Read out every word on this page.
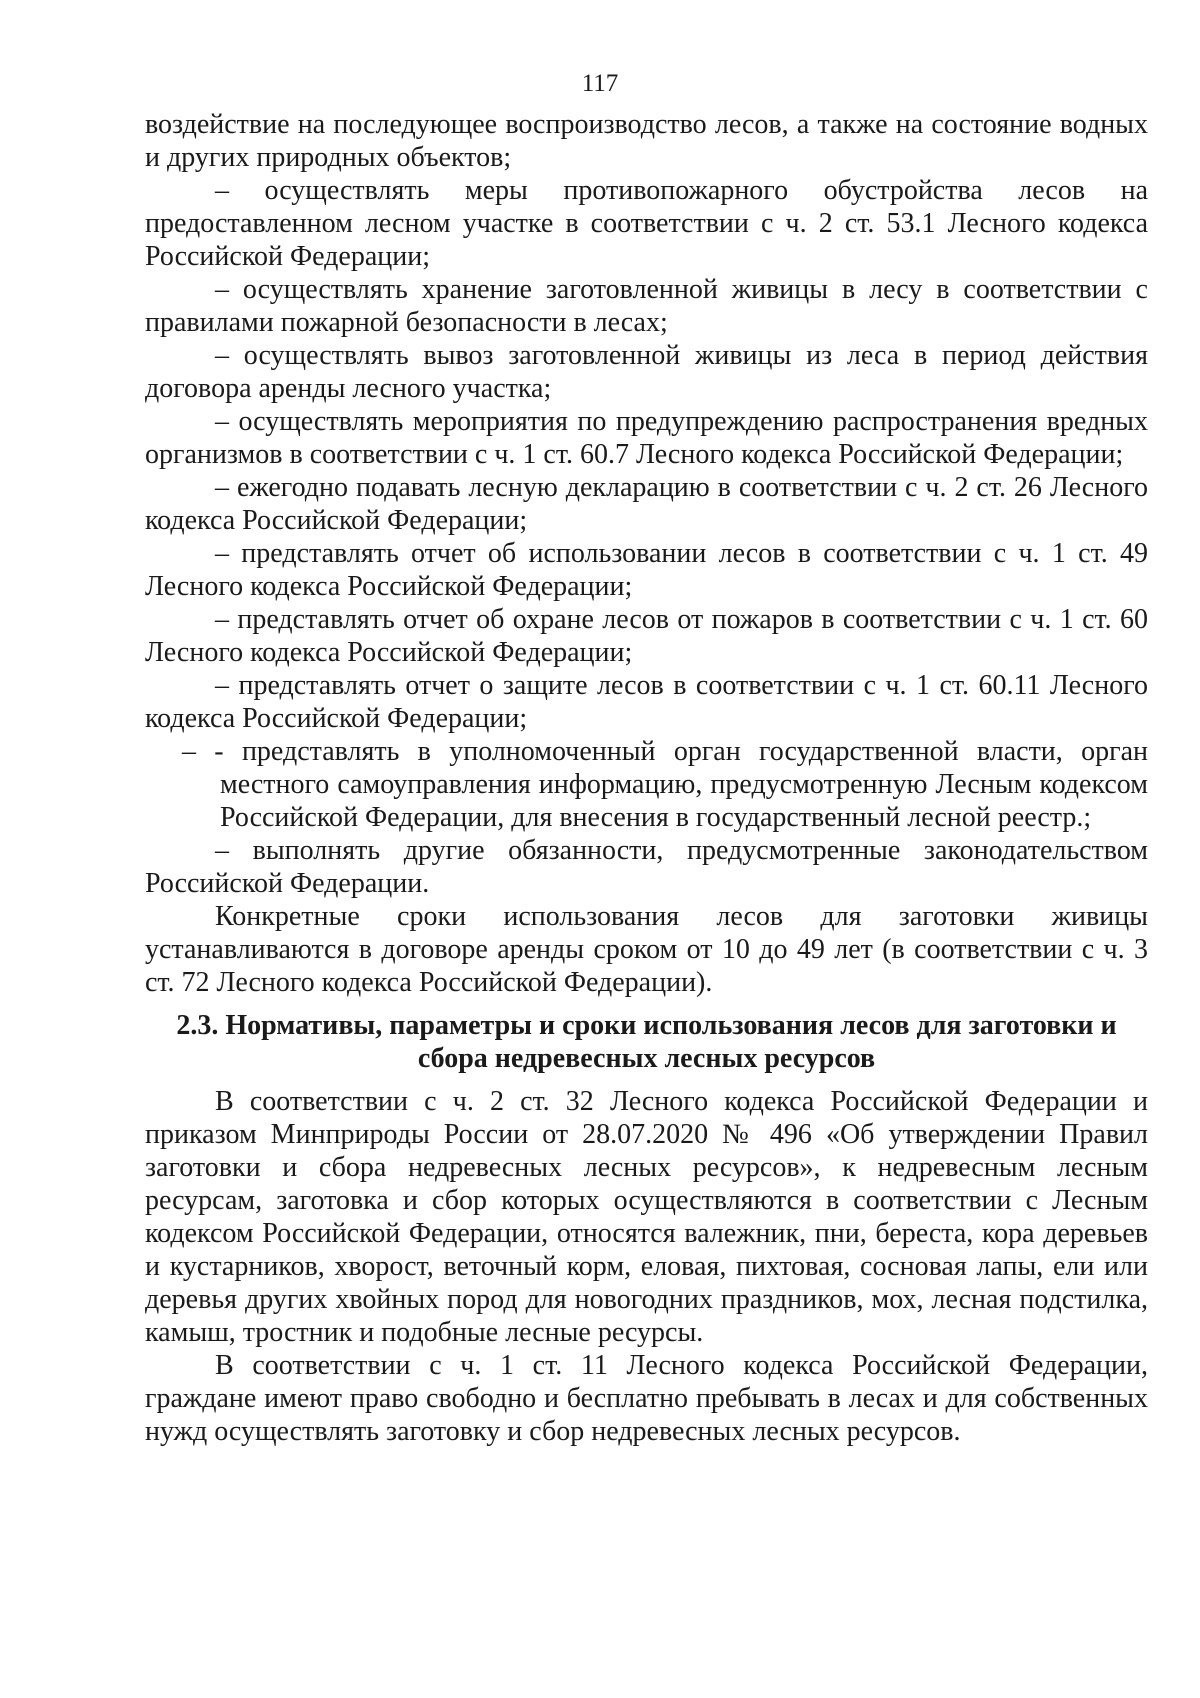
117

воздействие на последующее воспроизводство лесов, а также на состояние водных и других природных объектов;

– осуществлять меры противопожарного обустройства лесов на предоставленном лесном участке в соответствии с ч. 2 ст. 53.1 Лесного кодекса Российской Федерации;

– осуществлять хранение заготовленной живицы в лесу в соответствии с правилами пожарной безопасности в лесах;

– осуществлять вывоз заготовленной живицы из леса в период действия договора аренды лесного участка;

– осуществлять мероприятия по предупреждению распространения вредных организмов в соответствии с ч. 1 ст. 60.7 Лесного кодекса Российской Федерации;

– ежегодно подавать лесную декларацию в соответствии с ч. 2 ст. 26 Лесного кодекса Российской Федерации;

– представлять отчет об использовании лесов в соответствии с ч. 1 ст. 49 Лесного кодекса Российской Федерации;

– представлять отчет об охране лесов от пожаров в соответствии с ч. 1 ст. 60 Лесного кодекса Российской Федерации;

– представлять отчет о защите лесов в соответствии с ч. 1 ст. 60.11 Лесного кодекса Российской Федерации;

– - представлять в уполномоченный орган государственной власти, орган местного самоуправления информацию, предусмотренную Лесным кодексом Российской Федерации, для внесения в государственный лесной реестр.;

– выполнять другие обязанности, предусмотренные законодательством Российской Федерации.

Конкретные сроки использования лесов для заготовки живицы устанавливаются в договоре аренды сроком от 10 до 49 лет (в соответствии с ч. 3 ст. 72 Лесного кодекса Российской Федерации).

2.3. Нормативы, параметры и сроки использования лесов для заготовки и сбора недревесных лесных ресурсов

В соответствии с ч. 2 ст. 32 Лесного кодекса Российской Федерации и приказом Минприроды России от 28.07.2020 № 496 «Об утверждении Правил заготовки и сбора недревесных лесных ресурсов», к недревесным лесным ресурсам, заготовка и сбор которых осуществляются в соответствии с Лесным кодексом Российской Федерации, относятся валежник, пни, береста, кора деревьев и кустарников, хворост, веточный корм, еловая, пихтовая, сосновая лапы, ели или деревья других хвойных пород для новогодних праздников, мох, лесная подстилка, камыш, тростник и подобные лесные ресурсы.

В соответствии с ч. 1 ст. 11 Лесного кодекса Российской Федерации, граждане имеют право свободно и бесплатно пребывать в лесах и для собственных нужд осуществлять заготовку и сбор недревесных лесных ресурсов.
